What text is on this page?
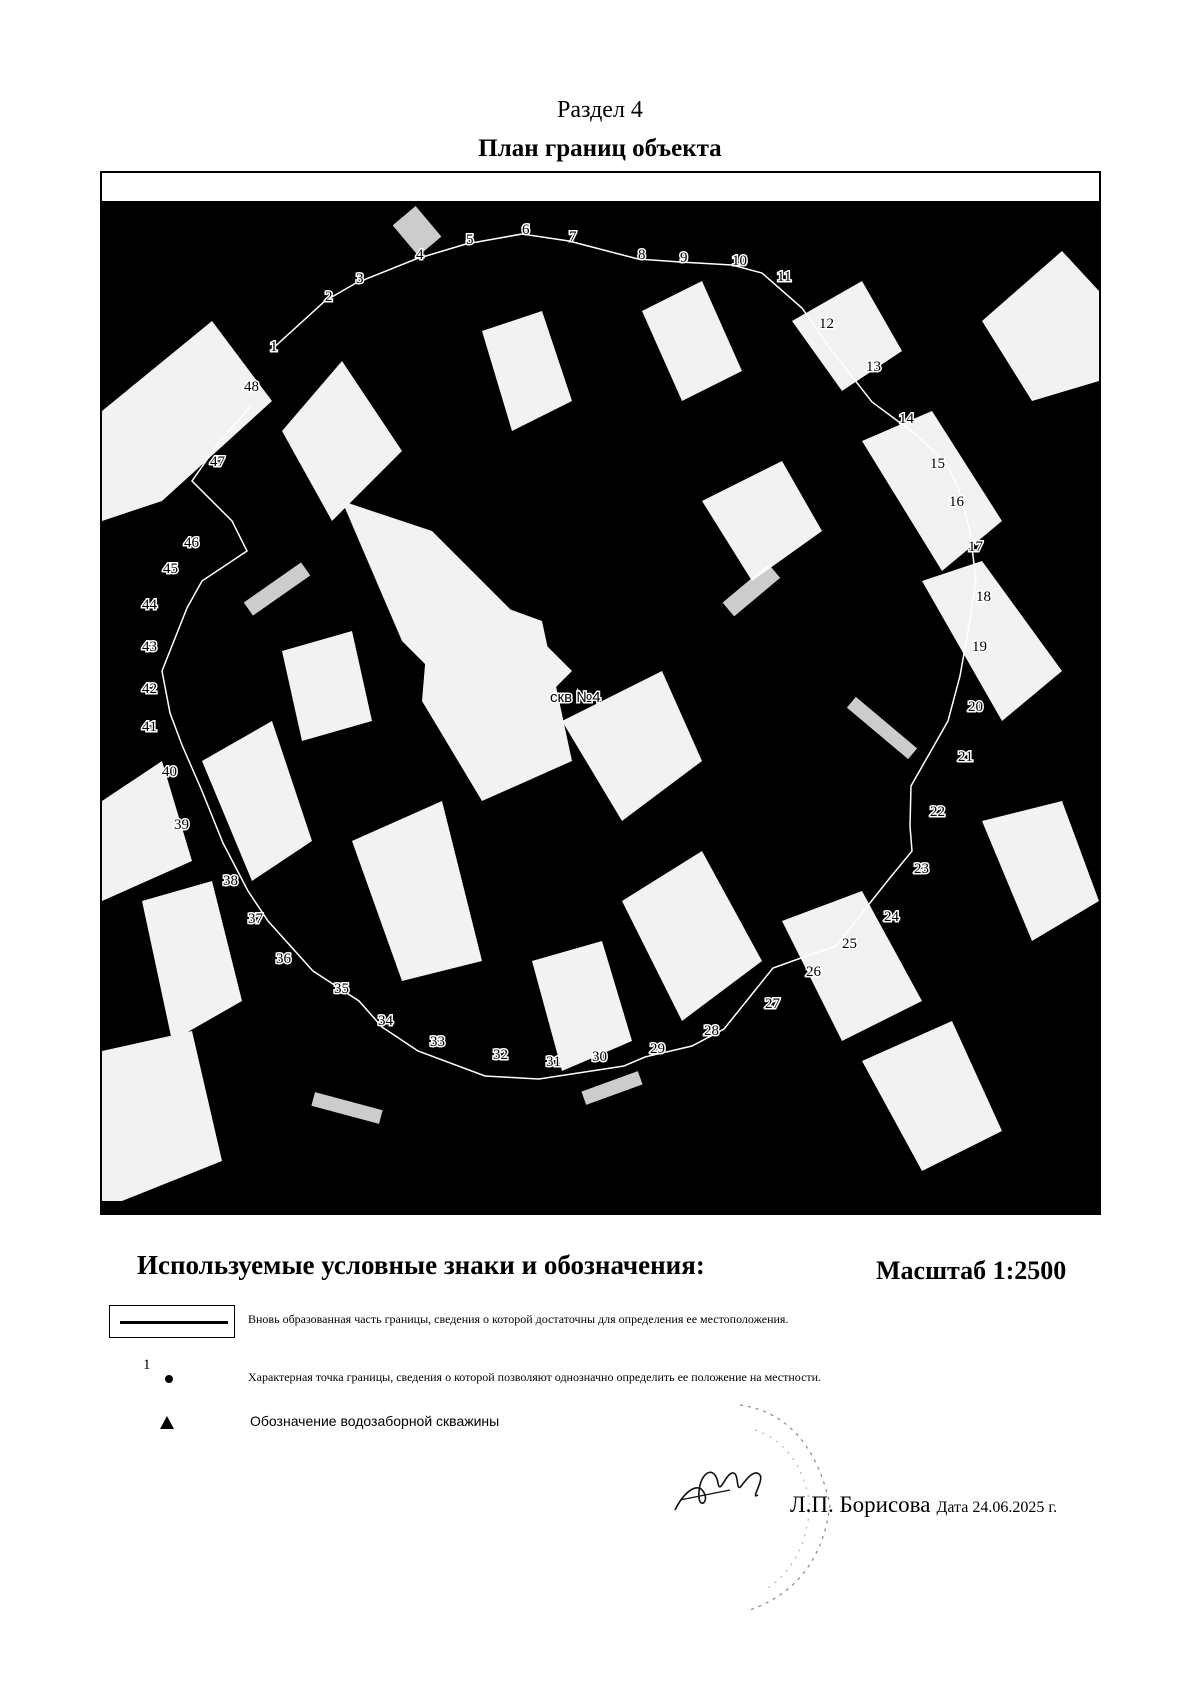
Раздел 4
План границ объекта
1
2
3
4
5
6	7
8 9	10
11
12
13
14
15
16
17
18
19
20
21
22
23
24
25
26
27
28
29
30
31
32
33
34
35
36
37
38
39
40
41
42
43
44
45
46
47
48
скв №4
Используемые условные знаки и обозначения:	Масштаб 1:2500
Вновь образованная часть границы, сведения о которой достаточны для определения ее местоположения.
1
Характерная точка границы, сведения о которой позволяют однозначно определить ее положение на местности.
Обозначение водозаборной скважины
Л.П. Борисова Дата 24.06.2025 г.
